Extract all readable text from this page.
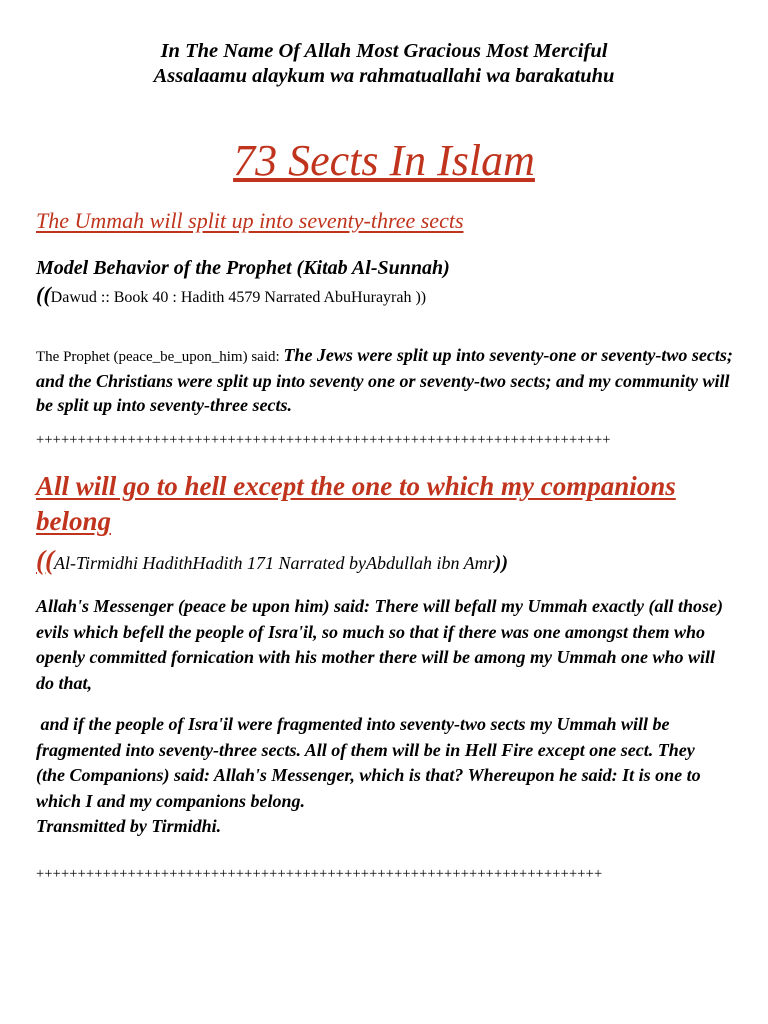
In The Name Of Allah Most Gracious Most Merciful
Assalaamu alaykum wa rahmatuallahi wa barakatuhu
73 Sects In Islam
The Ummah will split up into seventy-three sects
Model Behavior of the Prophet (Kitab Al-Sunnah)
((Dawud :: Book 40 : Hadith 4579 Narrated AbuHurayrah ))
The Prophet (peace_be_upon_him) said: The Jews were split up into seventy-one or seventy-two sects; and the Christians were split up into seventy one or seventy-two sects; and my community will be split up into seventy-three sects.
+++++++++++++++++++++++++++++++++++++++++++++++++++++++++++++++++++++
All will go to hell except the one to which my companions belong
((Al-Tirmidhi HadithHadith 171 Narrated byAbdullah ibn Amr))
Allah's Messenger (peace be upon him) said: There will befall my Ummah exactly (all those) evils which befell the people of Isra'il, so much so that if there was one amongst them who openly committed fornication with his mother there will be among my Ummah one who will do that,
and if the people of Isra'il were fragmented into seventy-two sects my Ummah will be fragmented into seventy-three sects. All of them will be in Hell Fire except one sect. They (the Companions) said: Allah's Messenger, which is that? Whereupon he said: It is one to which I and my companions belong.
Transmitted by Tirmidhi.
++++++++++++++++++++++++++++++++++++++++++++++++++++++++++++++++++++
